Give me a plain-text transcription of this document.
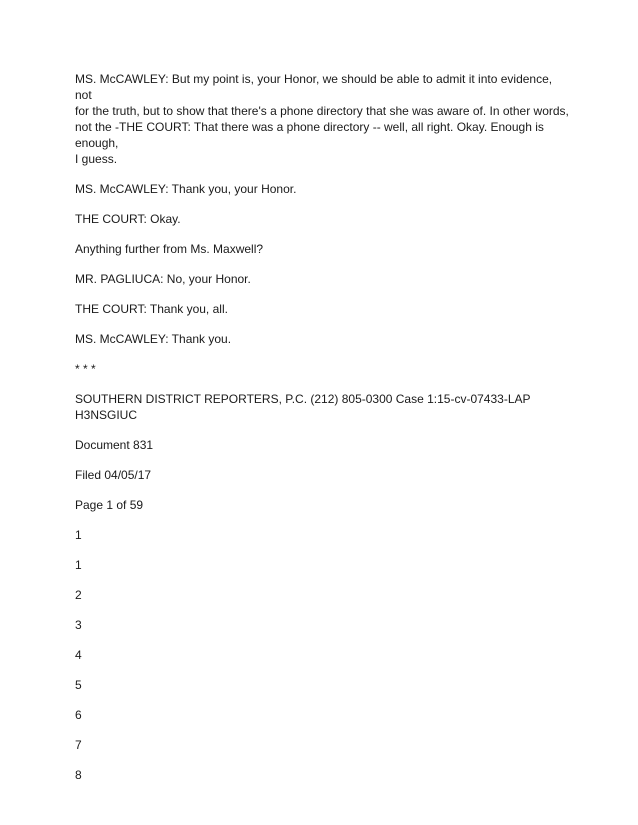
MS. McCAWLEY: But my point is, your Honor, we should be able to admit it into evidence, not
for the truth, but to show that there's a phone directory that she was aware of. In other words,
not the -THE COURT: That there was a phone directory -- well, all right. Okay. Enough is enough,
I guess.

MS. McCAWLEY: Thank you, your Honor.

THE COURT: Okay.

Anything further from Ms. Maxwell?

MR. PAGLIUCA: No, your Honor.

THE COURT: Thank you, all.

MS. McCAWLEY: Thank you.

* * *

SOUTHERN DISTRICT REPORTERS, P.C. (212) 805-0300 Case 1:15-cv-07433-LAP H3NSGIUC

Document 831

Filed 04/05/17

Page 1 of 59

1

1

2

3

4

5

6

7

8
